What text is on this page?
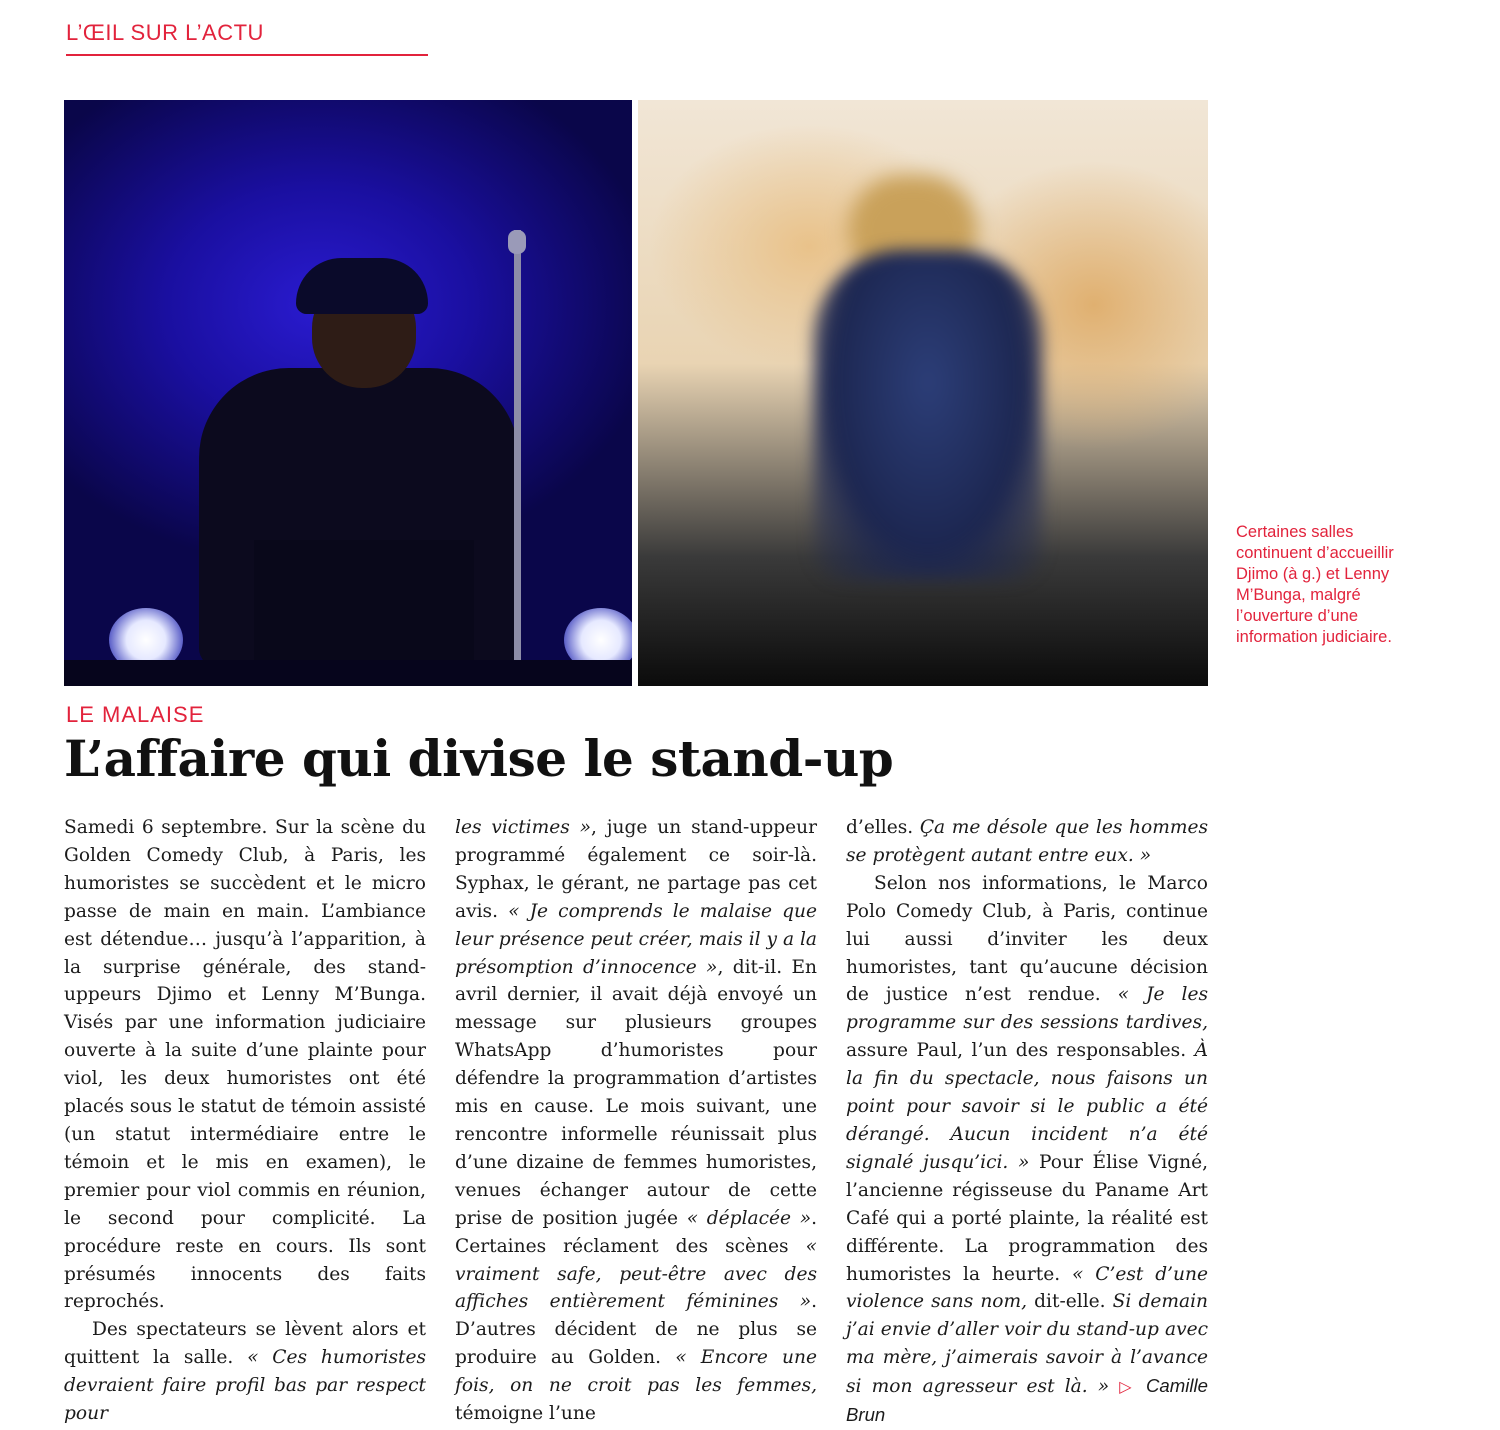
L’ŒIL SUR L’ACTU
Certaines salles continuent d’accueillir Djimo (à g.) et Lenny M’Bunga, malgré l’ouverture d’une information judiciaire.
LE MALAISE
L’affaire qui divise le stand-up

Samedi 6 septembre. Sur la scène du Golden Comedy Club, à Paris, les humoristes se succèdent et le micro passe de main en main. L’ambiance est détendue… jusqu’à l’apparition, à la surprise générale, des stand-uppeurs Djimo et Lenny M’Bunga. Visés par une information judiciaire ouverte à la suite d’une plainte pour viol, les deux humoristes ont été placés sous le statut de témoin assisté (un statut intermédiaire entre le témoin et le mis en examen), le premier pour viol commis en réunion, le second pour complicité. La procédure reste en cours. Ils sont présumés innocents des faits reprochés.

Des spectateurs se lèvent alors et quittent la salle. « Ces humoristes devraient faire profil bas par respect pour

les victimes », juge un stand-uppeur programmé également ce soir-là. Syphax, le gérant, ne partage pas cet avis. « Je comprends le malaise que leur présence peut créer, mais il y a la présomption d’innocence », dit-il. En avril dernier, il avait déjà envoyé un message sur plusieurs groupes WhatsApp d’humoristes pour défendre la programmation d’artistes mis en cause. Le mois suivant, une rencontre informelle réunissait plus d’une dizaine de femmes humoristes, venues échanger autour de cette prise de position jugée « déplacée ». Certaines réclament des scènes « vraiment safe, peut-être avec des affiches entièrement féminines ». D’autres décident de ne plus se produire au Golden. « Encore une fois, on ne croit pas les femmes, témoigne l’une

d’elles. Ça me désole que les hommes se protègent autant entre eux. »

Selon nos informations, le Marco Polo Comedy Club, à Paris, continue lui aussi d’inviter les deux humoristes, tant qu’aucune décision de justice n’est rendue. « Je les programme sur des sessions tardives, assure Paul, l’un des responsables. À la fin du spectacle, nous faisons un point pour savoir si le public a été dérangé. Aucun incident n’a été signalé jusqu’ici. » Pour Élise Vigné, l’ancienne régisseuse du Paname Art Café qui a porté plainte, la réalité est différente. La programmation des humoristes la heurte. « C’est d’une violence sans nom, dit-elle. Si demain j’ai envie d’aller voir du stand-up avec ma mère, j’aimerais savoir à l’avance si mon agresseur est là. » ▷ Camille Brun
